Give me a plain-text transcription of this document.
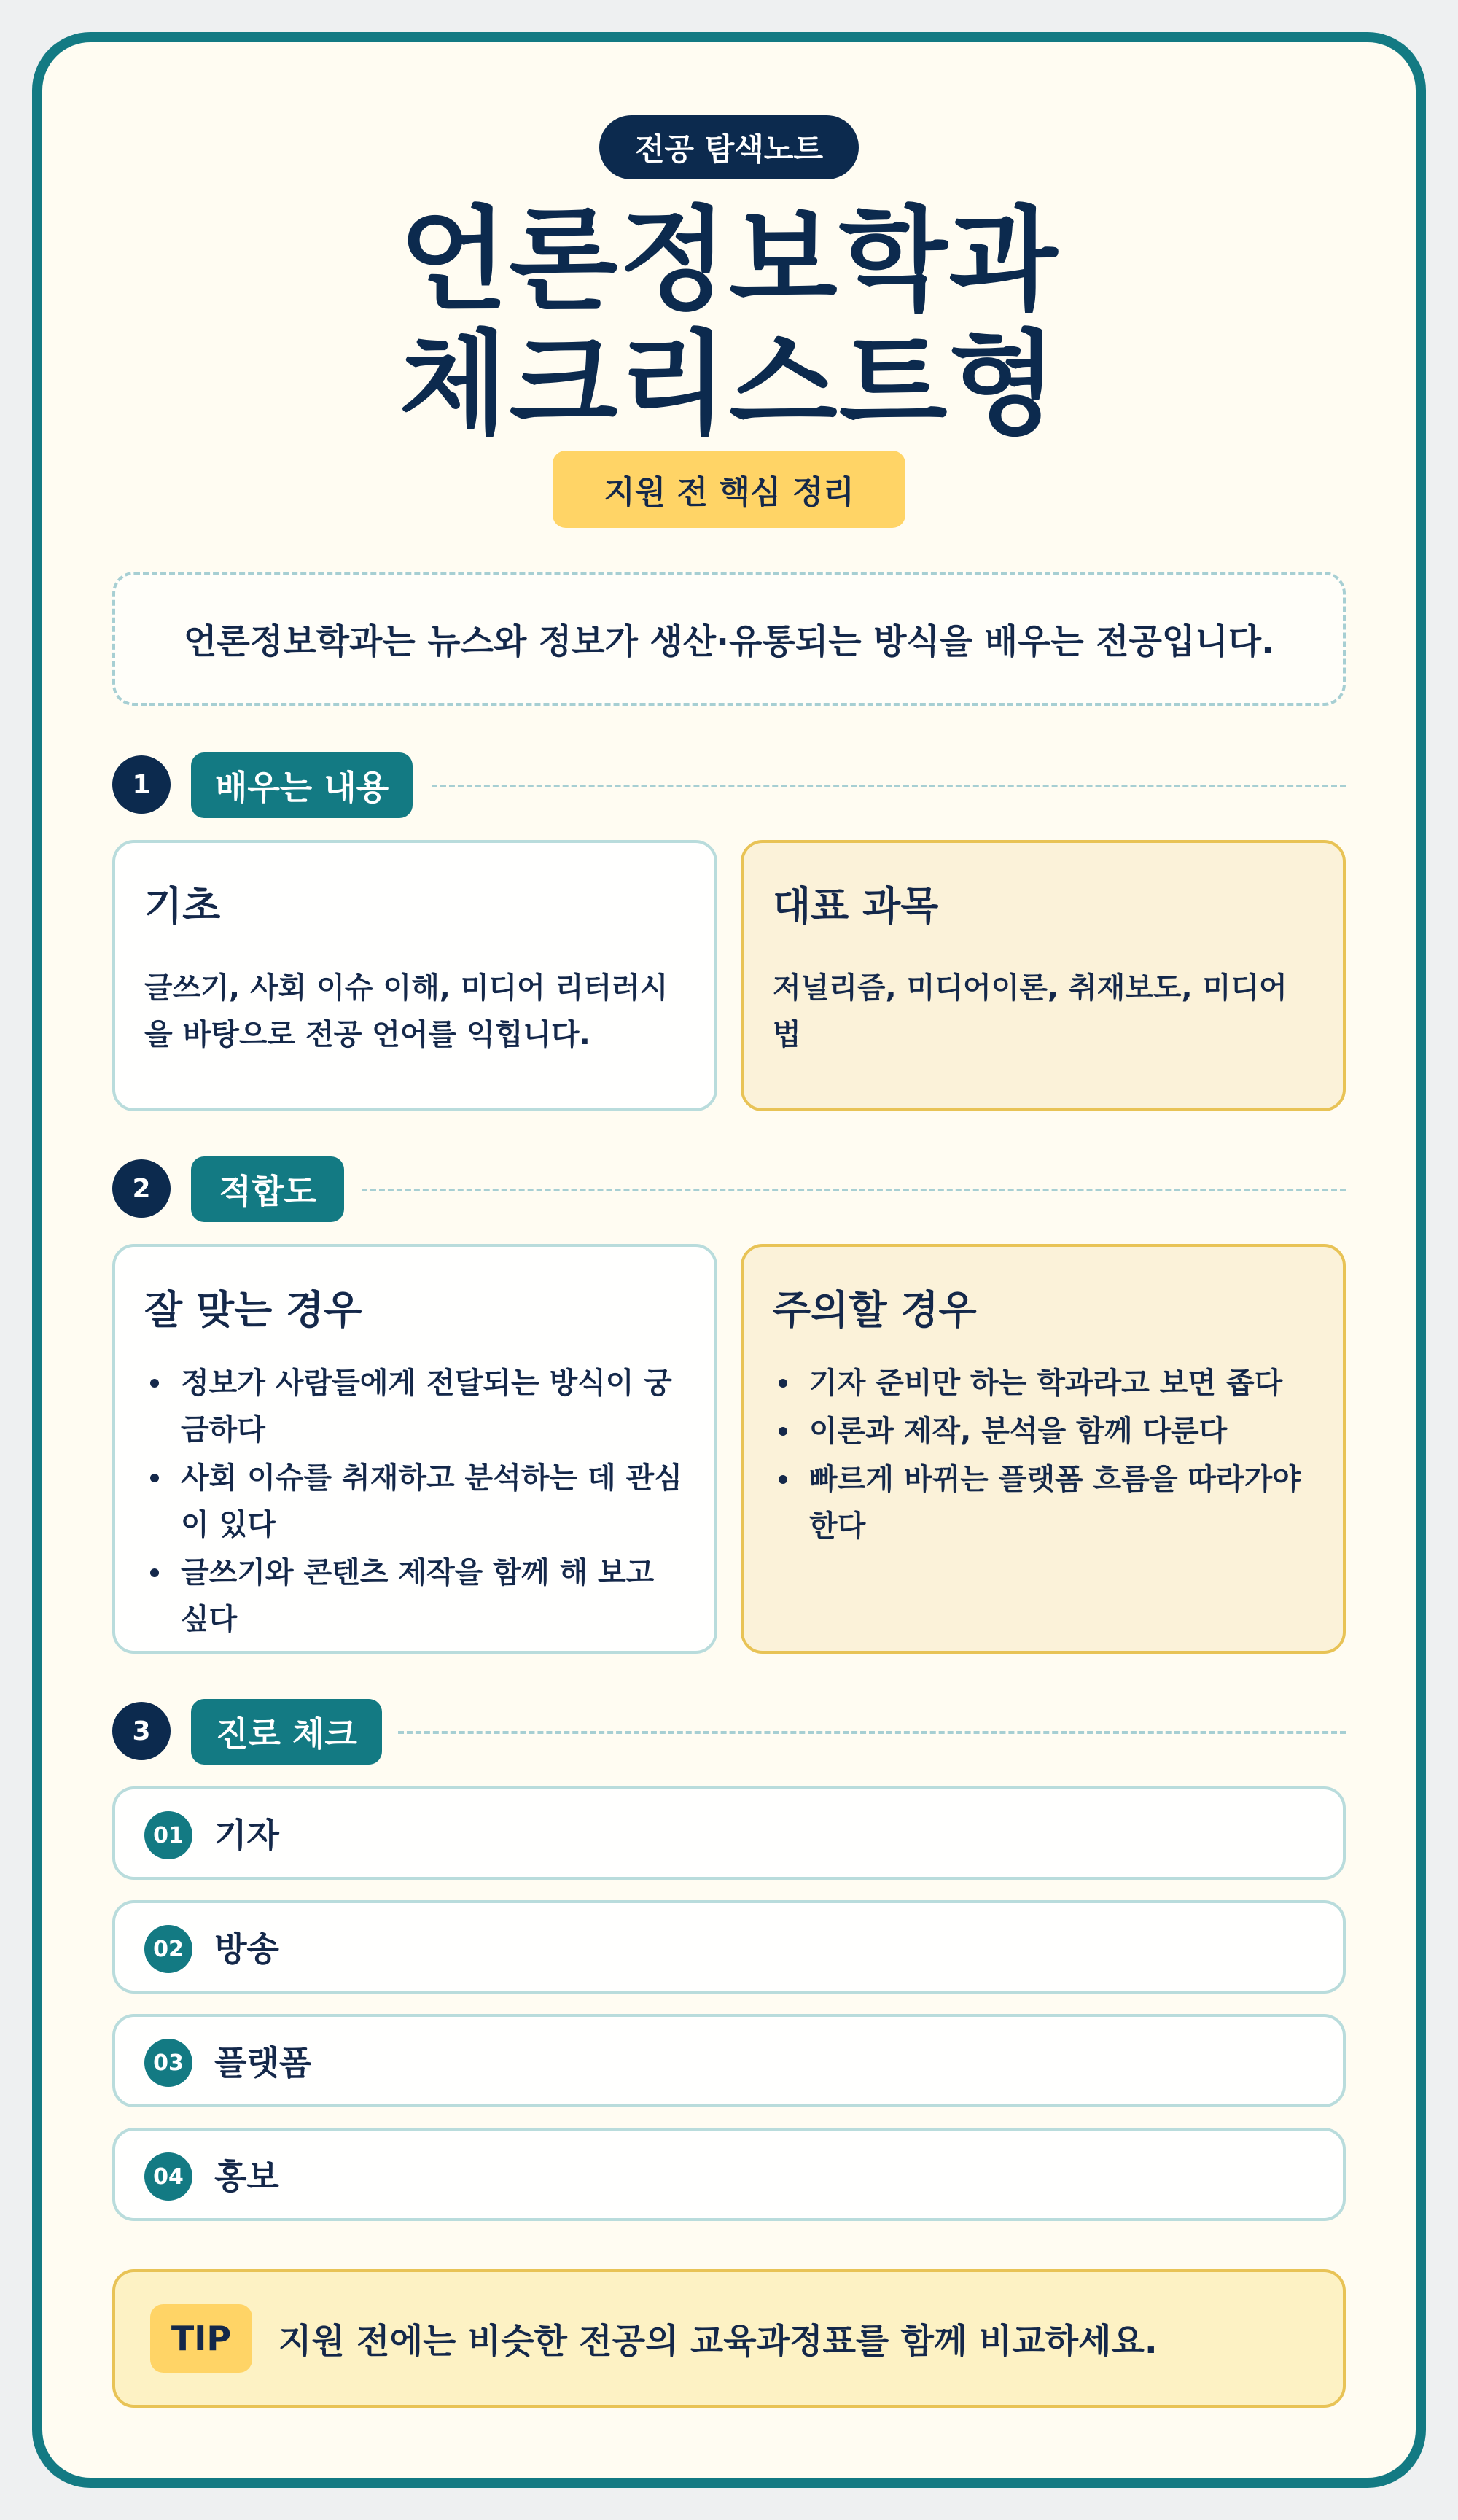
전공 탐색노트
언론정보학과
체크리스트형
지원 전 핵심 정리
언론정보학과는 뉴스와 정보가 생산·유통되는 방식을 배우는 전공입니다.
1	배우는 내용
기초

글쓰기, 사회 이슈 이해, 미디어 리터러시을 바탕으로 전공 언어를 익힙니다.

대표 과목

저널리즘, 미디어이론, 취재보도, 미디어법

2	적합도
잘 맞는 경우
정보가 사람들에게 전달되는 방식이 궁금하다
사회 이슈를 취재하고 분석하는 데 관심이 있다
글쓰기와 콘텐츠 제작을 함께 해 보고 싶다
주의할 경우
기자 준비만 하는 학과라고 보면 좁다
이론과 제작, 분석을 함께 다룬다
빠르게 바뀌는 플랫폼 흐름을 따라가야 한다
3	진로 체크
01 기자
02 방송
03 플랫폼
04 홍보
TIP	지원 전에는 비슷한 전공의 교육과정표를 함께 비교하세요.
